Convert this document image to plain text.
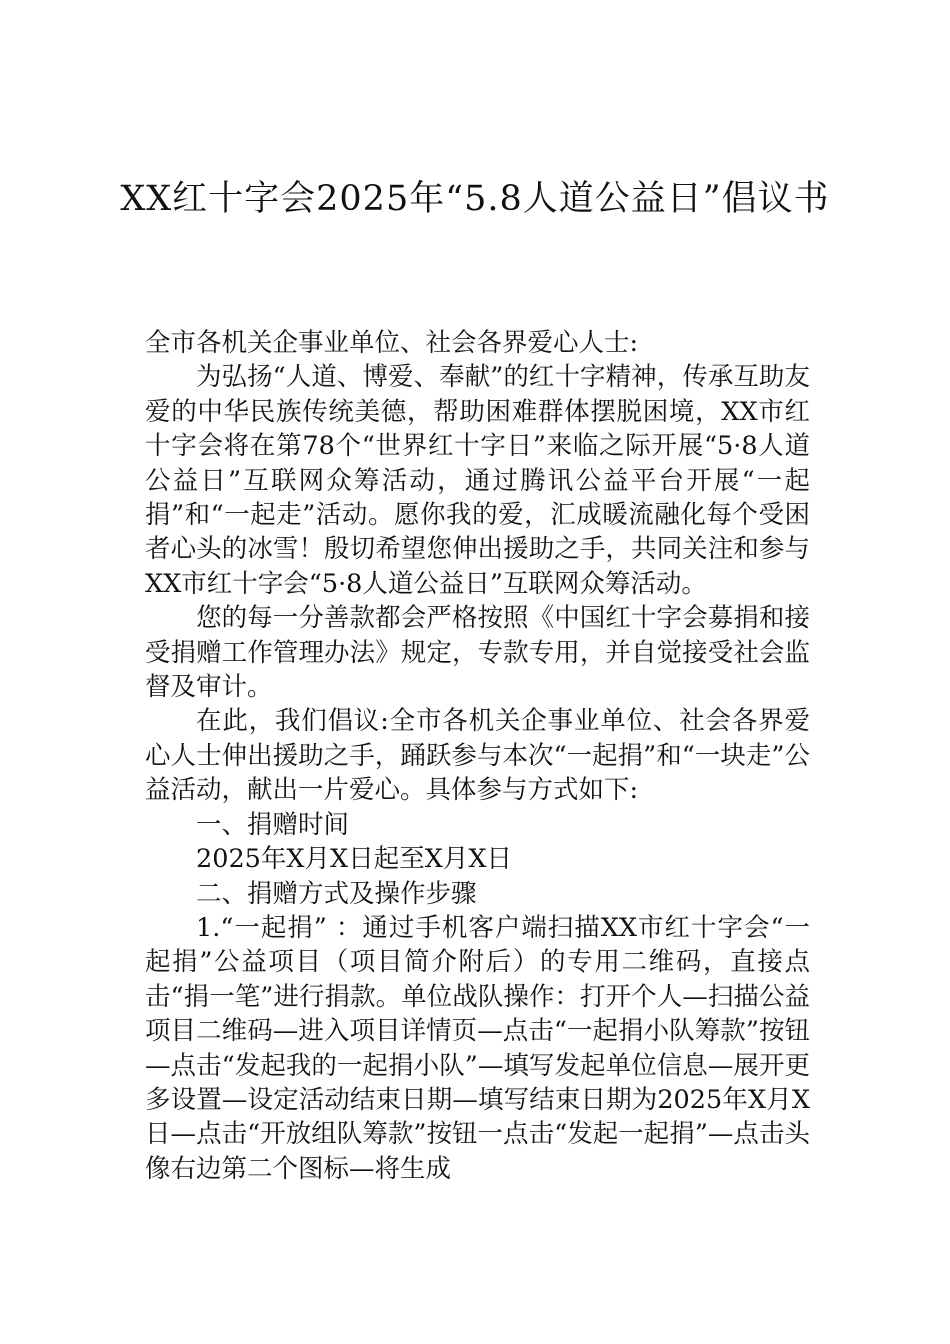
XX红十字会2025年“5.8人道公益日”倡议书

全市各机关企事业单位、社会各界爱心人士:

为弘扬“人道、博爱、奉献”的红十字精神，传承互助友爱的中华民族传统美德，帮助困难群体摆脱困境，XX市红十字会将在第78个“世界红十字日”来临之际开展“5·8人道公益日”互联网众筹活动，通过腾讯公益平台开展“一起捐”和“一起走”活动。愿你我的爱，汇成暖流融化每个受困者心头的冰雪！殷切希望您伸出援助之手，共同关注和参与XX市红十字会“5·8人道公益日”互联网众筹活动。

您的每一分善款都会严格按照《中国红十字会募捐和接受捐赠工作管理办法》规定，专款专用，并自觉接受社会监督及审计。

在此，我们倡议:全市各机关企事业单位、社会各界爱心人士伸出援助之手，踊跃参与本次“一起捐”和“一块走”公益活动，献出一片爱心。具体参与方式如下:

一、捐赠时间

2025年X月X日起至X月X日

二、捐赠方式及操作步骤

1.“一起捐” ：通过手机客户端扫描XX市红十字会“一起捐”公益项目（项目简介附后）的专用二维码，直接点击“捐一笔”进行捐款。单位战队操作：打开个人—扫描公益项目二维码—进入项目详情页—点击“一起捐小队筹款”按钮—点击“发起我的一起捐小队”—填写发起单位信息—展开更多设置—设定活动结束日期—填写结束日期为2025年X月X日—点击“开放组队筹款”按钮一点击“发起一起捐”—点击头像右边第二个图标—将生成
